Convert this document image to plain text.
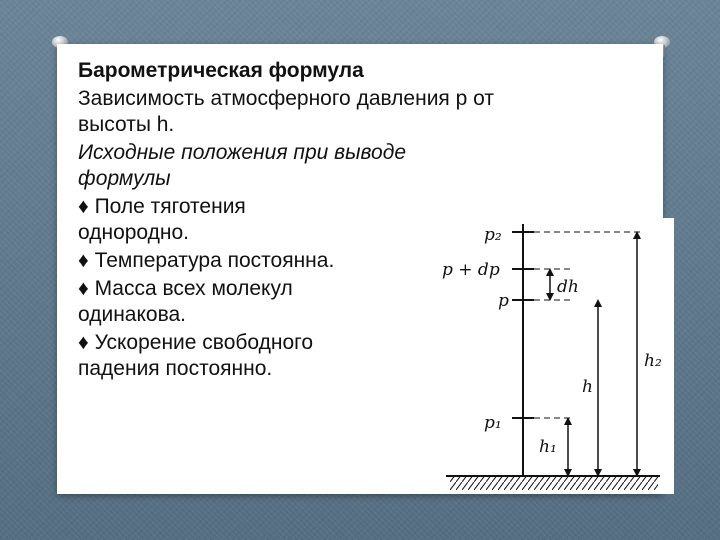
Барометрическая формула
Зависимость атмосферного давления p от
высоты h.
Исходные положения при выводе
формулы
♦ Поле тяготения
однородно.
♦ Температура постоянна.
♦ Масса всех молекул
одинакова.
♦ Ускорение свободного
падения постоянно.
p₂
p + dp
p
dh
h₂
h
p₁
h₁
